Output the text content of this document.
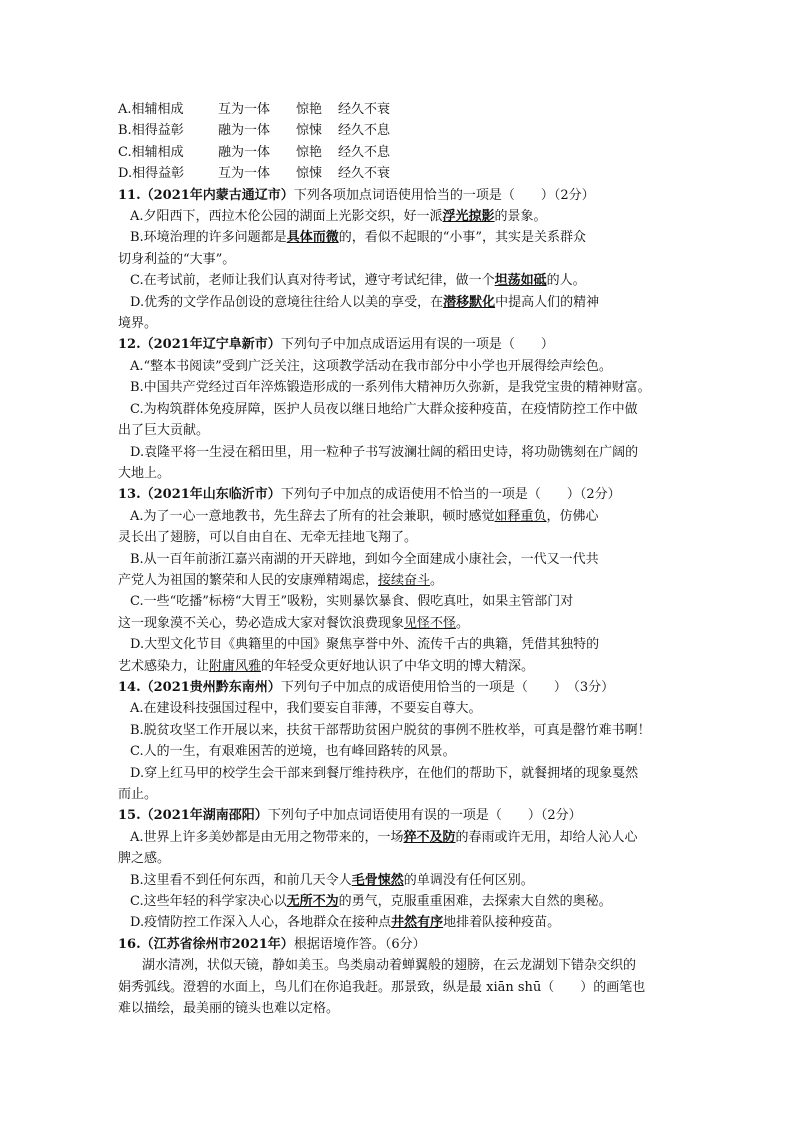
A.相辅相成	互为一体	惊艳	经久不衰
B.相得益彰	融为一体	惊悚	经久不息
C.相辅相成	融为一体	惊艳	经久不息
D.相得益彰	互为一体	惊悚	经久不衰
11.（2021年内蒙古通辽市）下列各项加点词语使用恰当的一项是（　　）（2分）
A.夕阳西下，西拉木伦公园的湖面上光影交织，好一派浮光掠影的景象。
B.环境治理的许多问题都是具体而微的，看似不起眼的“小事”，其实是关系群众
切身利益的“大事”。
C.在考试前，老师让我们认真对待考试，遵守考试纪律，做一个坦荡如砥的人。
D.优秀的文学作品创设的意境往往给人以美的享受，在潜移默化中提高人们的精神
境界。
12.（2021年辽宁阜新市）下列句子中加点成语运用有误的一项是（　　）
A.“整本书阅读”受到广泛关注，这项教学活动在我市部分中小学也开展得绘声绘色。
B.中国共产党经过百年淬炼锻造形成的一系列伟大精神历久弥新，是我党宝贵的精神财富。
C.为构筑群体免疫屏障，医护人员夜以继日地给广大群众接种疫苗，在疫情防控工作中做
出了巨大贡献。
D.袁隆平将一生浸在稻田里，用一粒种子书写波澜壮阔的稻田史诗，将功勋镌刻在广阔的
大地上。
13.（2021年山东临沂市）下列句子中加点的成语使用不恰当的一项是（　　）（2分）
A.为了一心一意地教书，先生辞去了所有的社会兼职，顿时感觉如释重负，仿佛心
灵长出了翅膀，可以自由自在、无牵无挂地飞翔了。
B.从一百年前浙江嘉兴南湖的开天辟地，到如今全面建成小康社会，一代又一代共
产党人为祖国的繁荣和人民的安康殚精竭虑，接续奋斗。
C.一些“吃播”标榜“大胃王”吸粉，实则暴饮暴食、假吃真吐，如果主管部门对
这一现象漠不关心，势必造成大家对餐饮浪费现象见怪不怪。
D.大型文化节目《典籍里的中国》聚焦享誉中外、流传千古的典籍，凭借其独特的
艺术感染力，让附庸风雅的年轻受众更好地认识了中华文明的博大精深。
14.（2021贵州黔东南州）下列句子中加点的成语使用恰当的一项是（　　）　（3分）
A.在建设科技强国过程中，我们要妄自菲薄，不要妄自尊大。
B.脱贫攻坚工作开展以来，扶贫干部帮助贫困户脱贫的事例不胜枚举，可真是罄竹难书啊！
C.人的一生，有艰难困苦的逆境，也有峰回路转的风景。
D.穿上红马甲的校学生会干部来到餐厅维持秩序，在他们的帮助下，就餐拥堵的现象戛然
而止。
15.（2021年湖南邵阳）下列句子中加点词语使用有误的一项是（　　）（2分）
A.世界上许多美妙都是由无用之物带来的，一场猝不及防的春雨或许无用，却给人沁人心
脾之感。
B.这里看不到任何东西，和前几天令人毛骨悚然的单调没有任何区别。
C.这些年轻的科学家决心以无所不为的勇气，克服重重困难，去探索大自然的奥秘。
D.疫情防控工作深入人心，各地群众在接种点井然有序地排着队接种疫苗。
16.（江苏省徐州市2021年）根据语境作答。（6分）
湖水清冽，状似天镜，静如美玉。鸟类扇动着蝉翼般的翅膀，在云龙湖划下错杂交织的
娟秀弧线。澄碧的水面上，鸟儿们在你追我赶。那景致，纵是最 xiān shū（　　）的画笔也
难以描绘，最美丽的镜头也难以定格。
